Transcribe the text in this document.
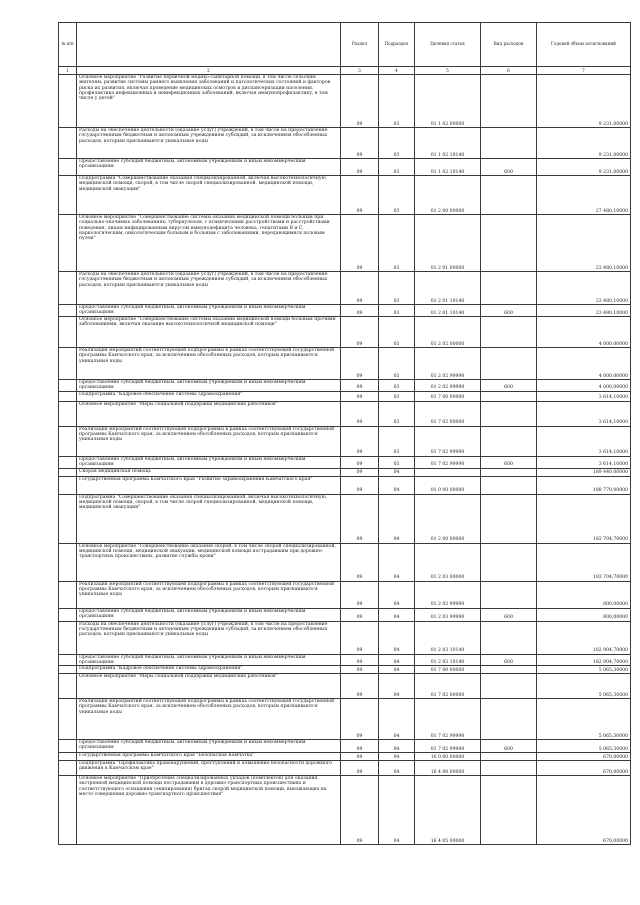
№ п/п		Раздел	Подраздел	Целевая статья	Вид расходов	Годовой объем ассигнований
1	2	3	4	5	6	7
	Основное мероприятие "Развитие первичной медико-санитарной помощи, в том числе сельским жителям, развитие системы раннего выявления заболеваний и патологических состояний и факторов риска их развития, включая проведение медицинских осмотров и диспансеризации населения, профилактика инфекционных и неинфекционных заболеваний, включая иммунопрофилактику, в том числе у детей"	09	03	01 1 02 00000		9 231,00000
	Расходы на обеспечение деятельности (оказание услуг) учреждений, в том числе на предоставление государственным бюджетным и автономным учреждениям субсидий, за исключением обособленных расходов, которым присваиваются уникальные коды	09	03	01 1 02 10140		9 231,00000
	Предоставление субсидий бюджетным, автономным учреждениям и иным некоммерческим организациям	09	03	01 1 02 10140	600	9 231,00000
	Подпрограмма "Совершенствование оказания специализированной, включая высокотехнологичную, медицинской помощи, скорой, в том числе скорой специализированной, медицинской помощи, медицинской эвакуации"	09	03	01 2 00 00000		27 480,10000
	Основное мероприятие "Совершенствование системы оказания медицинской помощи больным при социально-значимых заболеваниях: туберкулезом, с психическими расстройствами и расстройствами поведения, лицам инфицированным вирусом иммунодефицита человека, гепатитами В и С, наркологическим, онкологическим больным и больным с заболеваниями, передающимися половым путем"	09	03	01 2 01 00000		23 480,10000
	Расходы на обеспечение деятельности (оказание услуг) учреждений, в том числе на предоставление государственным бюджетным и автономным учреждениям субсидий, за исключением обособленных расходов, которым присваиваются уникальные коды	09	03	01 2 01 10140		23 480,10000
	Предоставление субсидий бюджетным, автономным учреждениям и иным некоммерческим организациям	09	03	01 2 01 10140	600	23 480,10000
	Основное мероприятие "Совершенствование системы оказания медицинской помощи больным прочими заболеваниями, включая оказание высокотехнологичной медицинской помощи"	09	03	01 2 02 00000		4 000,00000
	Реализация мероприятий соответствующей подпрограммы в рамках соответствующей государственной программы Камчатского края, за исключением обособленных расходов, которым присваиваются уникальные коды	09	03	01 2 02 99990		4 000,00000
	Предоставление субсидий бюджетным, автономным учреждениям и иным некоммерческим организациям	09	03	01 2 02 99990	600	4 000,00000
	Подпрограмма "Кадровое обеспечение системы здравоохранения"	09	03	01 7 00 00000		3 614,10000
	Основное мероприятие "Меры социальной поддержки медицинских работников"	09	03	01 7 02 00000		3 614,10000
	Реализация мероприятий соответствующей подпрограммы в рамках соответствующей государственной программы Камчатского края, за исключением обособленных расходов, которым присваиваются уникальные коды	09	03	01 7 02 99990		3 614,10000
	Предоставление субсидий бюджетным, автономным учреждениям и иным некоммерческим организациям	09	03	01 7 02 99990	600	3 614,10000
	Скорая медицинская помощь	09	04			189 440,00000
	Государственная программа Камчатского края "Развитие здравоохранения Камчатского края"	09	04	01 0 00 00000		188 770,00000
	Подпрограмма "Совершенствование оказания специализированной, включая высокотехнологичную, медицинской помощи, скорой, в том числе скорой специализированной, медицинской помощи, медицинской эвакуации"	09	04	01 2 00 00000		183 704,70000
	Основное мероприятие "Совершенствование оказания скорой, в том числе скорой специализированной, медицинской помощи, медицинской эвакуации, медицинской помощи пострадавшим при дорожно-транспортных происшествиях, развитие службы крови"	09	04	01 2 03 00000		183 704,70000
	Реализация мероприятий соответствующей подпрограммы в рамках соответствующей государственной программы Камчатского края, за исключением обособленных расходов, которым присваиваются уникальные коды	09	04	01 2 03 99990		800,00000
	Предоставление субсидий бюджетным, автономным учреждениям и иным некоммерческим организациям	09	04	01 2 03 99990	600	800,00000
	Расходы на обеспечение деятельности (оказание услуг) учреждений, в том числе на предоставление государственным бюджетным и автономным учреждениям субсидий, за исключением обособленных расходов, которым присваиваются уникальные коды	09	04	01 2 03 10140		182 904,70000
	Предоставление субсидий бюджетным, автономным учреждениям и иным некоммерческим организациям	09	04	01 2 03 10140	600	182 904,70000
	Подпрограмма "Кадровое обеспечение системы здравоохранения"	09	04	01 7 00 00000		5 065,30000
	Основное мероприятие "Меры социальной поддержки медицинских работников"	09	04	01 7 02 00000		5 065,30000
	Реализация мероприятий соответствующей подпрограммы в рамках соответствующей государственной программы Камчатского края, за исключением обособленных расходов, которым присваиваются уникальные коды	09	04	01 7 02 99990		5 065,30000
	Предоставление субсидий бюджетным, автономным учреждениям и иным некоммерческим организациям	09	04	01 7 02 99990	600	5 065,30000
	Государственная программа Камчатского края "Безопасная Камчатка"	09	04	16 0 00 00000		670,00000
	Подпрограмма "Профилактика правонарушений, преступлений и повышение безопасности дорожного движения в Камчатском крае"	09	04	16 4 00 00000		670,00000
	Основное мероприятие "Приобретение специализированных укладок (комплектов) для оказания экстренной медицинской помощи пострадавшим в дорожно-транспортных происшествиях и соответствующего оснащения (экипирования) бригад скорой медицинской помощи, выезжающих на место совершения дорожно-транспортного происшествия"	09	04	16 4 05 00000		670,00000
